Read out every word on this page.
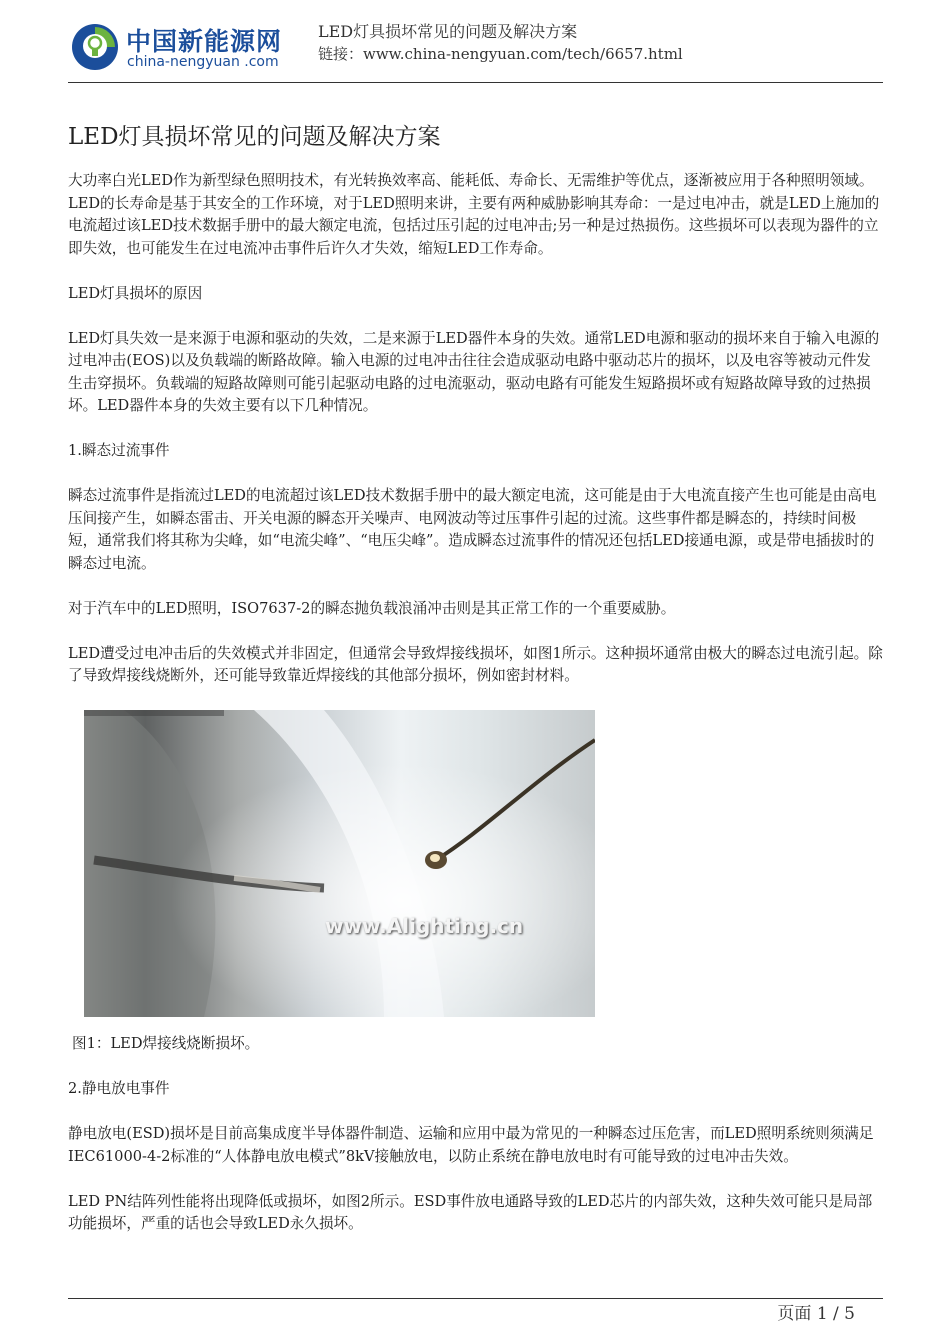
中国新能源网
china-nengyuan .com
LED灯具损坏常见的问题及解决方案
链接：www.china-nengyuan.com/tech/6657.html
LED灯具损坏常见的问题及解决方案

大功率白光LED作为新型绿色照明技术，有光转换效率高、能耗低、寿命长、无需维护等优点，逐渐被应用于各种照明领域。LED的长寿命是基于其安全的工作环境，对于LED照明来讲，主要有两种威胁影响其寿命：一是过电冲击，就是LED上施加的电流超过该LED技术数据手册中的最大额定电流，包括过压引起的过电冲击;另一种是过热损伤。这些损坏可以表现为器件的立即失效，也可能发生在过电流冲击事件后许久才失效，缩短LED工作寿命。

LED灯具损坏的原因

LED灯具失效一是来源于电源和驱动的失效，二是来源于LED器件本身的失效。通常LED电源和驱动的损坏来自于输入电源的过电冲击(EOS)以及负载端的断路故障。输入电源的过电冲击往往会造成驱动电路中驱动芯片的损坏，以及电容等被动元件发生击穿损坏。负载端的短路故障则可能引起驱动电路的过电流驱动，驱动电路有可能发生短路损坏或有短路故障导致的过热损坏。LED器件本身的失效主要有以下几种情况。

1.瞬态过流事件

瞬态过流事件是指流过LED的电流超过该LED技术数据手册中的最大额定电流，这可能是由于大电流直接产生也可能是由高电压间接产生，如瞬态雷击、开关电源的瞬态开关噪声、电网波动等过压事件引起的过流。这些事件都是瞬态的，持续时间极短，通常我们将其称为尖峰，如“电流尖峰”、“电压尖峰”。造成瞬态过流事件的情况还包括LED接通电源，或是带电插拔时的瞬态过电流。

对于汽车中的LED照明，ISO7637-2的瞬态抛负载浪涌冲击则是其正常工作的一个重要威胁。

LED遭受过电冲击后的失效模式并非固定，但通常会导致焊接线损坏，如图1所示。这种损坏通常由极大的瞬态过电流引起。除了导致焊接线烧断外，还可能导致靠近焊接线的其他部分损坏，例如密封材料。

图1：LED焊接线烧断损坏。

2.静电放电事件

静电放电(ESD)损坏是目前高集成度半导体器件制造、运输和应用中最为常见的一种瞬态过压危害，而LED照明系统则须满足IEC61000-4-2标准的“人体静电放电模式”8kV接触放电，以防止系统在静电放电时有可能导致的过电冲击失效。

LED PN结阵列性能将出现降低或损坏，如图2所示。ESD事件放电通路导致的LED芯片的内部失效，这种失效可能只是局部功能损坏，严重的话也会导致LED永久损坏。

www.Alighting.cn
页面 1 / 5
